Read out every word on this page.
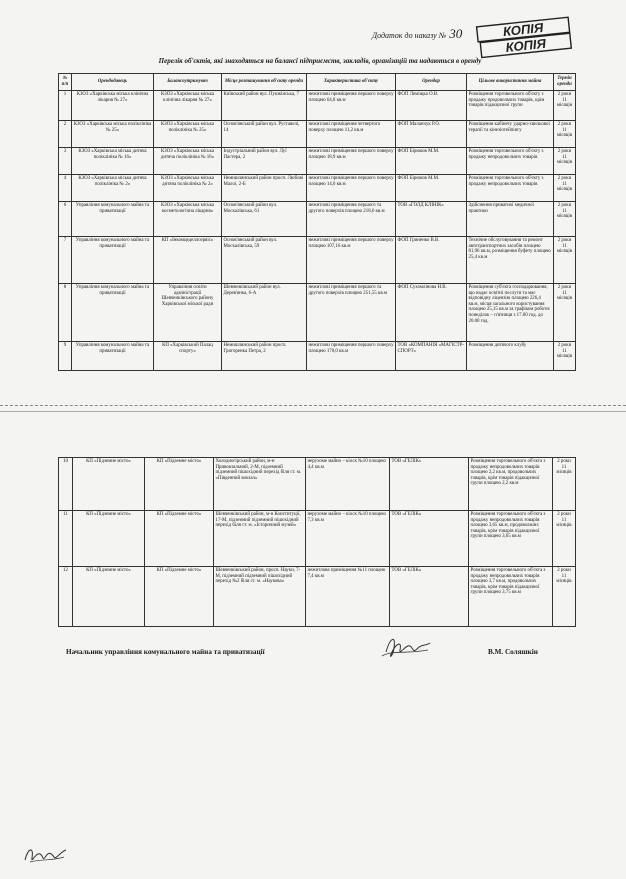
Додаток до наказу № 30	КОПІЯ
КОПІЯ
Перелік об'єктів, які знаходяться на балансі підприємств, закладів, організацій та надаються в оренду
№ п/п	Орендодавець	Балансоутримувач	Місце розташування об'єкту оренди	Характеристика об'єкту	Орендар	Цільове використання майна	Термін оренди
1	КЗОЗ «Харківська міська клінічна лікарня № 27»	КЗОЗ «Харківська міська клінічна лікарня № 27»	Київський район вул. Пушкінська, 7	нежитлові приміщення першого поверху площею 64,8 кв.м	ФОП Леміщка О.В.	Розміщення торговельного об'єкту з продажу продовольчих товарів, крім товарів підакцизної групи	2 роки 11 місяців
2	КЗОЗ «Харківська міська поліклініка № 25»	КЗОЗ «Харківська міська поліклініка № 25»	Основ'янський район вул. Руставелі, 14	нежитлові приміщення четвертого поверху площею 11,2 кв.м	ФОП Маланчук Р.О.	Розміщення кабінету ударно-хвильової терапії та кінезіотейпінгу	2 роки 11 місяців
3	КЗОЗ «Харківська міська дитяча поліклініка № 16»	КЗОЗ «Харківська міська дитяча поліклініка № 16»	Індустріальний район вул. Луї Пастера, 2	нежитлові приміщення першого поверху площею 18,9 кв.м	ФОП Бірюков М.М.	Розміщення торговельного об'єкту з продажу непродовольчих товарів	2 роки 11 місяців
4	КЗОЗ «Харківська міська дитяча поліклініка № 2»	КЗОЗ «Харківська міська дитяча поліклініка № 2»	Немишлянський район просп. Любові Малої, 2-Б	нежитлові приміщення першого поверху площею 14,0 кв.м	ФОП Бірюков М.М.	Розміщення торговельного об'єкту з продажу непродовольчих товарів	2 роки 11 місяців
6	Управління комунального майна та приватизації	КЗОЗ «Харківська міська косметологічна лікарня»	Основ'янський район вул. Москалівська, 61	нежитлові приміщення першого та другого поверхів площею 218,6 кв.м	ТОВ «ГОЛД КЛІНІК»	Здійснення приватної медичної практики	2 роки 11 місяців
7	Управління комунального майна та приватизації	КП «Інкомцеделлсервіс»	Основ'янський район вул. Москалівська, 59	нежитлові приміщення першого поверху площею 107,16 кв.м	ФОП Гриненко В.В.	Технічне обслуговування та ремонт автотранспортних засобів площею 81,96 кв.м, розміщення буфету площею 25,4 кв.м	2 роки 11 місяців
8	Управління комунального майна та приватизації	Управління освіти адміністрації Шевченківського району Харківської міської ради	Шевченківський район вул. Дерев'янка, 6-А	нежитлові приміщення першого та другого поверхів площею 251,55 кв.м	ФОП Сухомлінова Н.В.	Розміщення суб'єкта господарювання, що надає освітні послуги та має відповідну ліцензію площею 226,4 кв.м, місця загального користування площею 25,15 кв.м за графіком роботи: понеділок – п'ятниця з 17.00 год. до 20.00 год.	2 роки 11 місяців
9	Управління комунального майна та приватизації	КП «Харківський Палац спорту»	Немишлянський район просп. Григоренка Петра, 2	нежитлові приміщення першого поверху площею 170,0 кв.м	ТОВ «КОМПАНІЯ «МАГІСТР-СПОРТ»	Розміщення дитячого клубу	2 роки 11 місяців
10	КП «Підземне місто»	КП «Підземне місто»	Холодногірський район, м-н Привокзальний, 2-М, підземний підземний пішохідний перехід біля ст. м. «Південний вокзал»	нерухоме майно – кіоск №10 площею 4,4 кв.м	ТОВ «ГЕЛІК»	Розміщення торговельного об'єкта з продажу непродовольчих товарів площею 2,2 кв.м, продовольчих товарів, крім товарів підакцизної групи площею 2,2 кв.м	2 роки 11 місяців
11	КП «Підземне місто»	КП «Підземне місто»	Шевченківський район, м-н Конституції, 17-М, підземний підземний пішохідний перехід біля ст. м. «Історичний музей»	нерухоме майно – кіоск №10 площею 7,3 кв.м	ТОВ «ГЕЛІК»	Розміщення торговельного об'єкта з продажу непродовольчих товарів площею 3,65 кв.м, продовольчих товарів, крім товарів підакцизної групи площею 3,65 кв.м	2 роки 11 місяців
12	КП «Підземне місто»	КП «Підземне місто»	Шевченківський район, просп. Науки, 7-М, підземний підземний пішохідний перехід №2 біля ст. м. «Наукова»	нежитлове приміщення №11 площею 7,4 кв.м	ТОВ «ГЕЛІК»	Розміщення торговельного об'єкта з продажу непродовольчих товарів площею 3,7 кв.м, продовольчих товарів, крім товарів підакцизної групи площею 3,75 кв.м	2 роки 11 місяців
Начальник управління комунального майна та приватизації	В.М. Соляшкін
